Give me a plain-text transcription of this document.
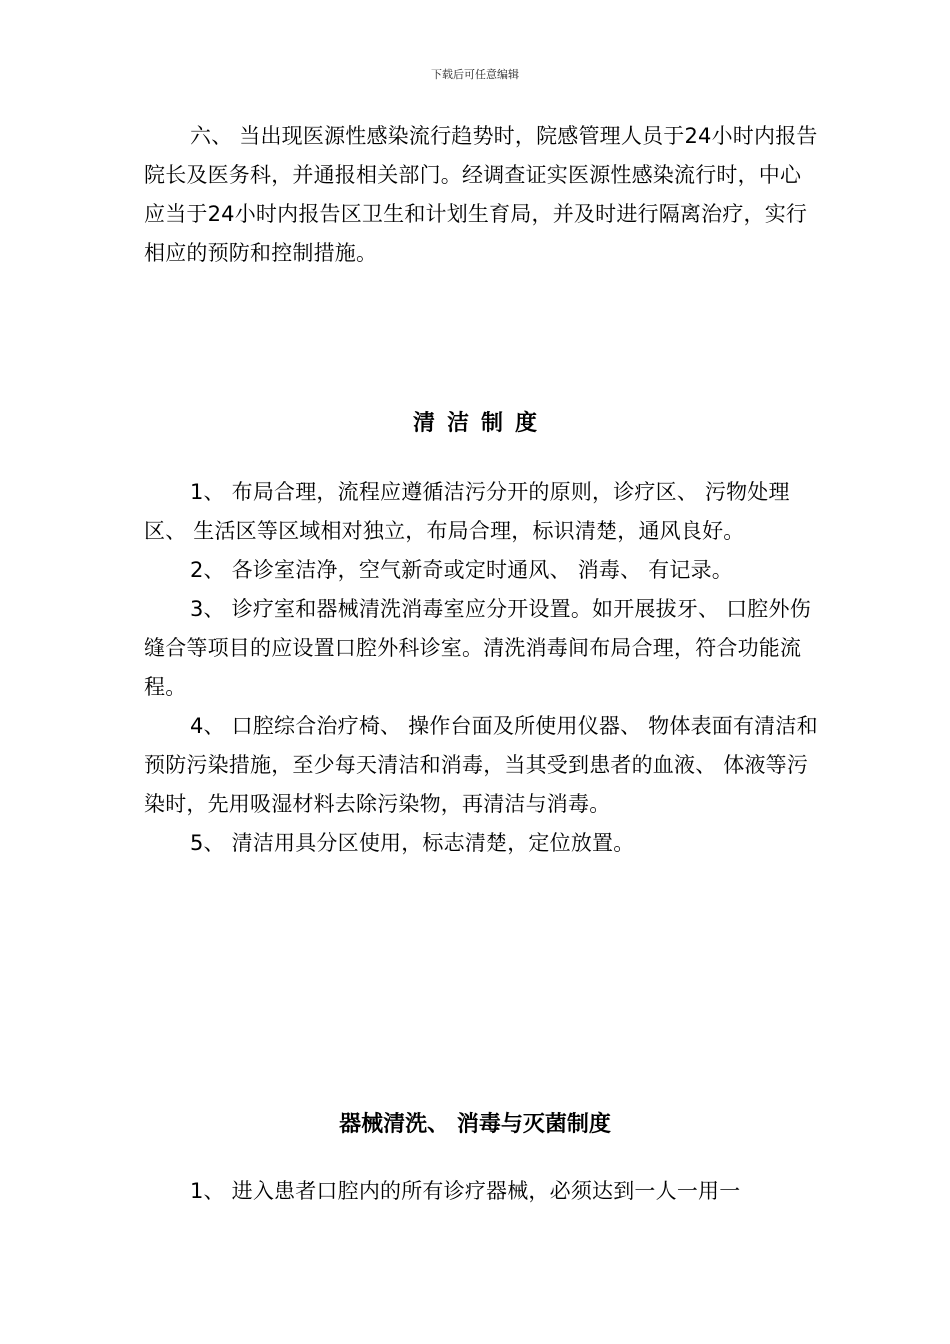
下载后可任意编辑

六、 当出现医源性感染流行趋势时，院感管理人员于24小时内报告院长及医务科，并通报相关部门。经调查证实医源性感染流行时，中心应当于24小时内报告区卫生和计划生育局，并及时进行隔离治疗，实行相应的预防和控制措施。

清洁制度

1、 布局合理，流程应遵循洁污分开的原则，诊疗区、 污物处理区、 生活区等区域相对独立，布局合理，标识清楚，通风良好。

2、 各诊室洁净，空气新奇或定时通风、 消毒、 有记录。

3、 诊疗室和器械清洗消毒室应分开设置。如开展拔牙、 口腔外伤缝合等项目的应设置口腔外科诊室。清洗消毒间布局合理，符合功能流程。

4、 口腔综合治疗椅、 操作台面及所使用仪器、 物体表面有清洁和预防污染措施，至少每天清洁和消毒，当其受到患者的血液、 体液等污染时，先用吸湿材料去除污染物，再清洁与消毒。

5、 清洁用具分区使用，标志清楚，定位放置。

器械清洗、 消毒与灭菌制度

1、 进入患者口腔内的所有诊疗器械，必须达到一人一用一
